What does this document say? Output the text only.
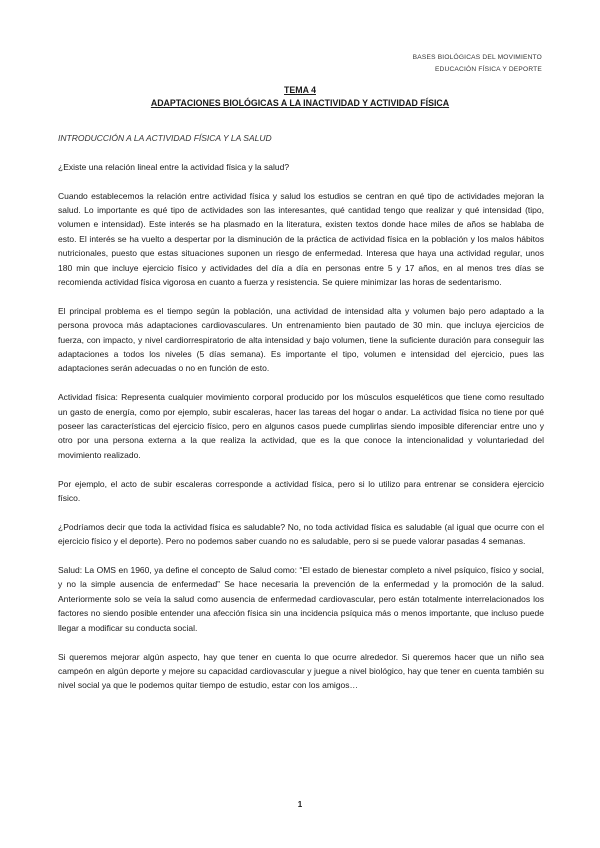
BASES BIOLÓGICAS DEL MOVIMIENTO
EDUCACIÓN FÍSICA Y DEPORTE
TEMA 4
ADAPTACIONES BIOLÓGICAS A LA INACTIVIDAD Y ACTIVIDAD FÍSICA

INTRODUCCIÓN A LA ACTIVIDAD FÍSICA Y LA SALUD

¿Existe una relación lineal entre la actividad física y la salud?

Cuando establecemos la relación entre actividad física y salud los estudios se centran en qué tipo de actividades mejoran la salud. Lo importante es qué tipo de actividades son las interesantes, qué cantidad tengo que realizar y qué intensidad (tipo, volumen e intensidad). Este interés se ha plasmado en la literatura, existen textos donde hace miles de años se hablaba de esto. El interés se ha vuelto a despertar por la disminución de la práctica de actividad física en la población y los malos hábitos nutricionales, puesto que estas situaciones suponen un riesgo de enfermedad. Interesa que haya una actividad regular, unos 180 min que incluye ejercicio físico y actividades del día a día en personas entre 5 y 17 años, en al menos tres días se recomienda actividad física vigorosa en cuanto a fuerza y resistencia. Se quiere minimizar las horas de sedentarismo.

El principal problema es el tiempo según la población, una actividad de intensidad alta y volumen bajo pero adaptado a la persona provoca más adaptaciones cardiovasculares. Un entrenamiento bien pautado de 30 min. que incluya ejercicios de fuerza, con impacto, y nivel cardiorrespiratorio de alta intensidad y bajo volumen, tiene la suficiente duración para conseguir las adaptaciones a todos los niveles (5 días semana). Es importante el tipo, volumen e intensidad del ejercicio, pues las adaptaciones serán adecuadas o no en función de esto.

Actividad física: Representa cualquier movimiento corporal producido por los músculos esqueléticos que tiene como resultado un gasto de energía, como por ejemplo, subir escaleras, hacer las tareas del hogar o andar. La actividad física no tiene por qué poseer las características del ejercicio físico, pero en algunos casos puede cumplirlas siendo imposible diferenciar entre uno y otro por una persona externa a la que realiza la actividad, que es la que conoce la intencionalidad y voluntariedad del movimiento realizado.

Por ejemplo, el acto de subir escaleras corresponde a actividad física, pero si lo utilizo para entrenar se considera ejercicio físico.

¿Podríamos decir que toda la actividad física es saludable? No, no toda actividad física es saludable (al igual que ocurre con el ejercicio físico y el deporte). Pero no podemos saber cuando no es saludable, pero si se puede valorar pasadas 4 semanas.

Salud: La OMS en 1960, ya define el concepto de Salud como: “El estado de bienestar completo a nivel psíquico, físico y social, y no la simple ausencia de enfermedad” Se hace necesaria la prevención de la enfermedad y la promoción de la salud. Anteriormente solo se veía la salud como ausencia de enfermedad cardiovascular, pero están totalmente interrelacionados los factores no siendo posible entender una afección física sin una incidencia psíquica más o menos importante, que incluso puede llegar a modificar su conducta social.

Si queremos mejorar algún aspecto, hay que tener en cuenta lo que ocurre alrededor. Si queremos hacer que un niño sea campeón en algún deporte y mejore su capacidad cardiovascular y juegue a nivel biológico, hay que tener en cuenta también su nivel social ya que le podemos quitar tiempo de estudio, estar con los amigos…

1
